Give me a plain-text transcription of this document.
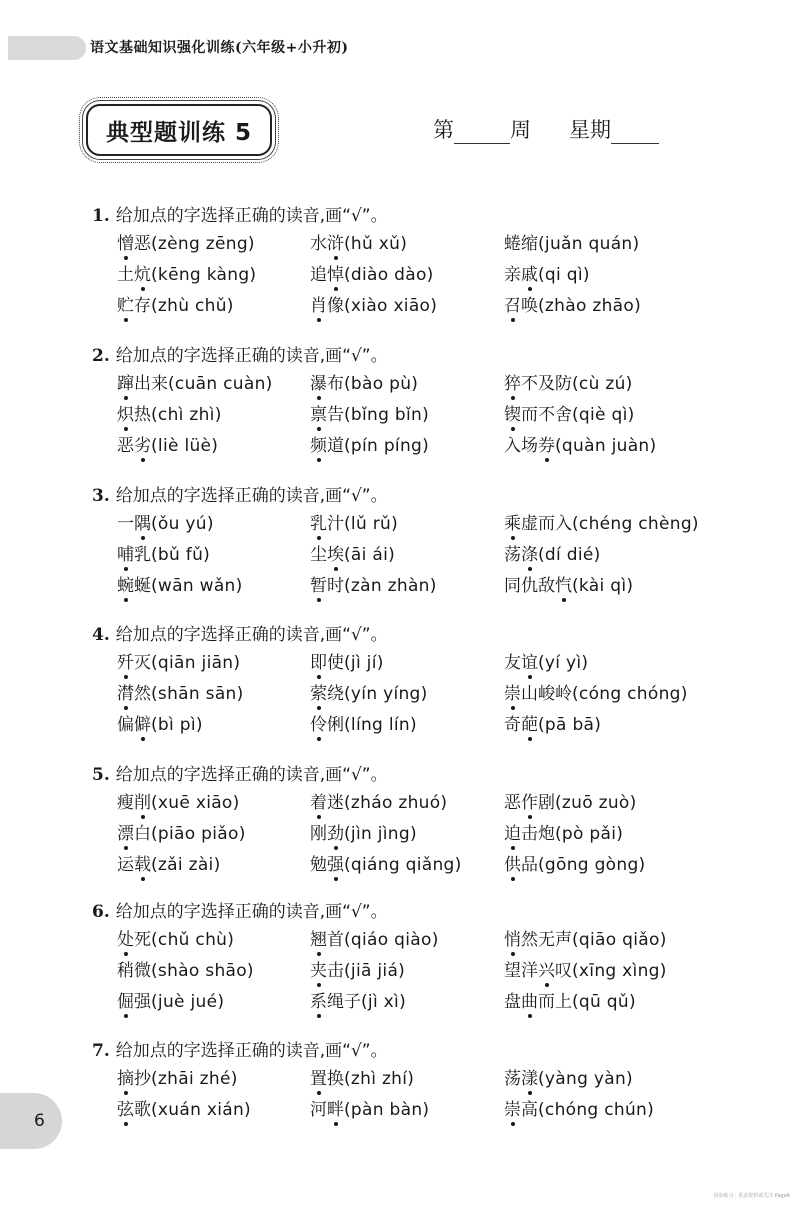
语文基础知识强化训练(六年级+小升初)
典型题训练 5	第	周 星期
1. 给加点的字选择正确的读音,画“√”。
憎恶(zèng zēng)	水浒(hǔ xǔ)	蜷缩(juǎn quán)
土炕(kēng kàng)	追悼(diào dào)	亲戚(qi qì)
贮存(zhù chǔ)	肖像(xiào xiāo)	召唤(zhào zhāo)
2. 给加点的字选择正确的读音,画“√”。
蹿出来(cuān cuàn) 瀑布(bào pù)	猝不及防(cù zú)
炽热(chì zhì)	禀告(bǐng bǐn)	锲而不舍(qiè qì)
恶劣(liè lüè)	频道(pín píng)	入场券(quàn juàn)
3. 给加点的字选择正确的读音,画“√”。
一隅(ǒu yú)	乳汁(lǔ rǔ)	乘虚而入(chéng chèng)
哺乳(bǔ fǔ)	尘埃(āi ái)	荡涤(dí dié)
蜿蜒(wān wǎn)	暂时(zàn zhàn)	同仇敌忾(kài qì)
4. 给加点的字选择正确的读音,画“√”。
歼灭(qiān jiān)	即使(jì jí)	友谊(yí yì)
潸然(shān sān)	萦绕(yín yíng)	崇山峻岭(cóng chóng)
偏僻(bì pì)	伶俐(líng lín)	奇葩(pā bā)
5. 给加点的字选择正确的读音,画“√”。
瘦削(xuē xiāo)	着迷(zháo zhuó)	恶作剧(zuō zuò)
漂白(piāo piǎo)	刚劲(jìn jìng)	迫击炮(pò pǎi)
运载(zǎi zài)	勉强(qiáng qiǎng) 供品(gōng gòng)
6. 给加点的字选择正确的读音,画“√”。
处死(chǔ chù)	翘首(qiáo qiào)	悄然无声(qiāo qiǎo)
稍微(shào shāo)	夹击(jiā jiá)	望洋兴叹(xīng xìng)
倔强(juè jué)	系绳子(jì xì)	盘曲而上(qū qǔ)
7. 给加点的字选择正确的读音,画“√”。
摘抄(zhāi zhé)	置换(zhì zhí)	荡漾(yàng yàn)
弦歌(xuán xián)	河畔(pàn bàn)	崇高(chóng chún)
6
同步练习 · 更多资料请关注 Page6
